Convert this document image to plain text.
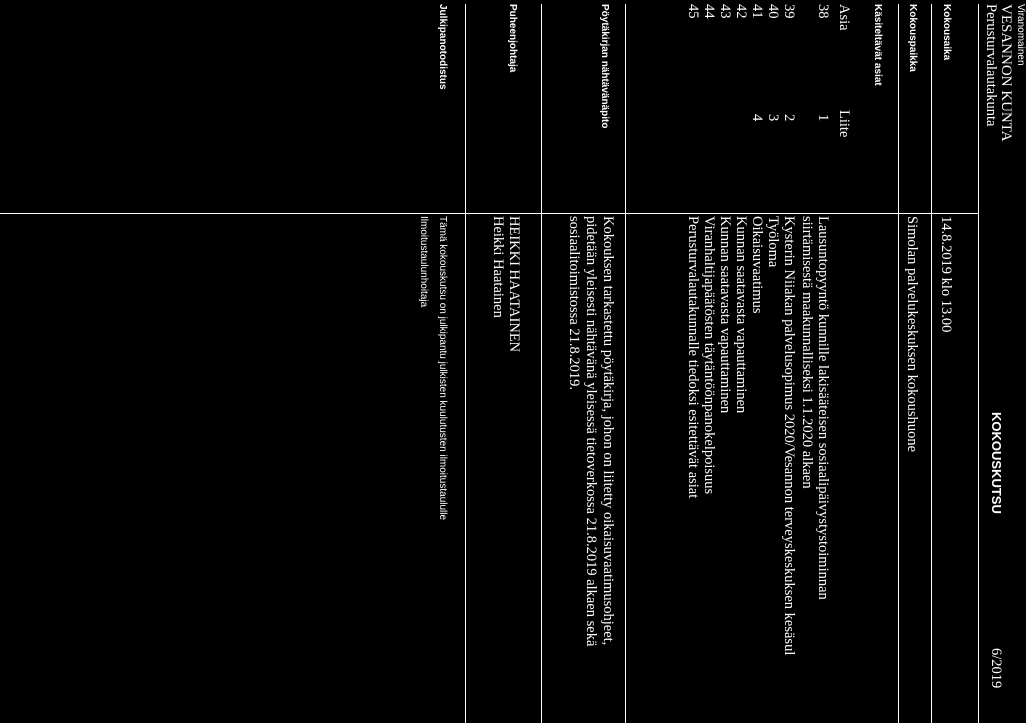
Viranomainen
VESANNON KUNTA
Perusturvalautakunta
KOKOUSKUTSU
6/2019
Kokousaika
14.8.2019 klo 13.00
Kokouspaikka
Simolan palvelukeskuksen kokoushuone
Käsiteltävät asiat
Asia
Liite
38
1
Lausuntopyyntö kunnille lakisääteisen sosiaalipäivystystoiminnan
siirtämisestä maakunnalliseksi 1.1.2020 alkaen
39
2
Kysterin Niiakan palvelusopimus 2020/Vesannon terveyskeskuksen kesäsul
40
3
Työloma
41
4
Oikaisuvaatimus
42
Kunnan saatavasta vapauttaminen
43
Kunnan saatavasta vapauttaminen
44
Viranhaltijapäätösten täytäntöönpanokelpoisuus
45
Perusturvalautakunnalle tiedoksi esitettävät asiat
Pöytäkirjan nähtävänäpito
Kokouksen tarkastettu pöytäkirja, johon on liitetty oikaisuvaatimusohjeet,
pidetään yleisesti nähtävänä yleisessä tietoverkossa 21.8.2019 alkaen sekä
sosiaalitoimistossa 21.8.2019.
Puheenjohtaja
HEIKKI HAATAINEN
Heikki Haatainen
Julkipanotodistus
Tämä kokouskutsu on julkipantu julkisten kuulutusten ilmoitustaululle
Ilmoitustaulunhoitaja
